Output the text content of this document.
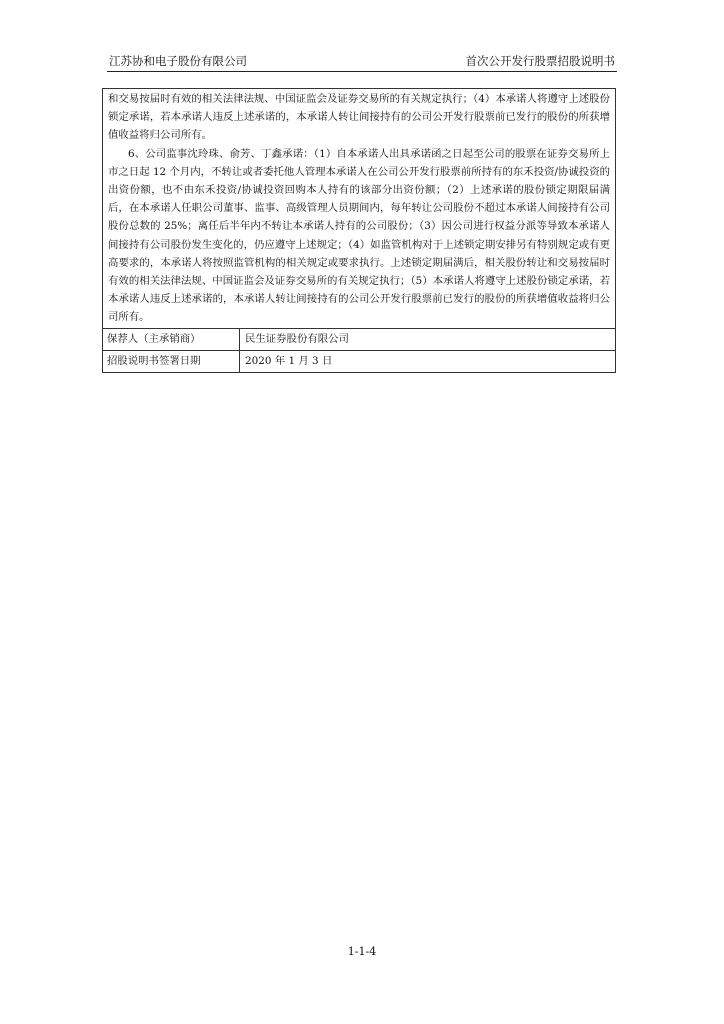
江苏协和电子股份有限公司	首次公开发行股票招股说明书

和交易按届时有效的相关法律法规、中国证监会及证券交易所的有关规定执行；（4）本承诺人将遵守上述股份锁定承诺，若本承诺人违反上述承诺的，本承诺人转让间接持有的公司公开发行股票前已发行的股份的所获增值收益将归公司所有。

6、公司监事沈玲珠、俞芳、丁鑫承诺：（1）自本承诺人出具承诺函之日起至公司的股票在证券交易所上市之日起 12 个月内，不转让或者委托他人管理本承诺人在公司公开发行股票前所持有的东禾投资/协诚投资的出资份额，也不由东禾投资/协诚投资回购本人持有的该部分出资份额；（2）上述承诺的股份锁定期限届满后，在本承诺人任职公司董事、监事、高级管理人员期间内，每年转让公司股份不超过本承诺人间接持有公司股份总数的 25%；离任后半年内不转让本承诺人持有的公司股份；（3）因公司进行权益分派等导致本承诺人间接持有公司股份发生变化的，仍应遵守上述规定；（4）如监管机构对于上述锁定期安排另有特别规定或有更高要求的，本承诺人将按照监管机构的相关规定或要求执行。上述锁定期届满后，相关股份转让和交易按届时有效的相关法律法规、中国证监会及证券交易所的有关规定执行；（5）本承诺人将遵守上述股份锁定承诺，若本承诺人违反上述承诺的，本承诺人转让间接持有的公司公开发行股票前已发行的股份的所获增值收益将归公司所有。	

保荐人（主承销商）	民生证券股份有限公司
招股说明书签署日期	2020 年 1 月 3 日
1-1-4
